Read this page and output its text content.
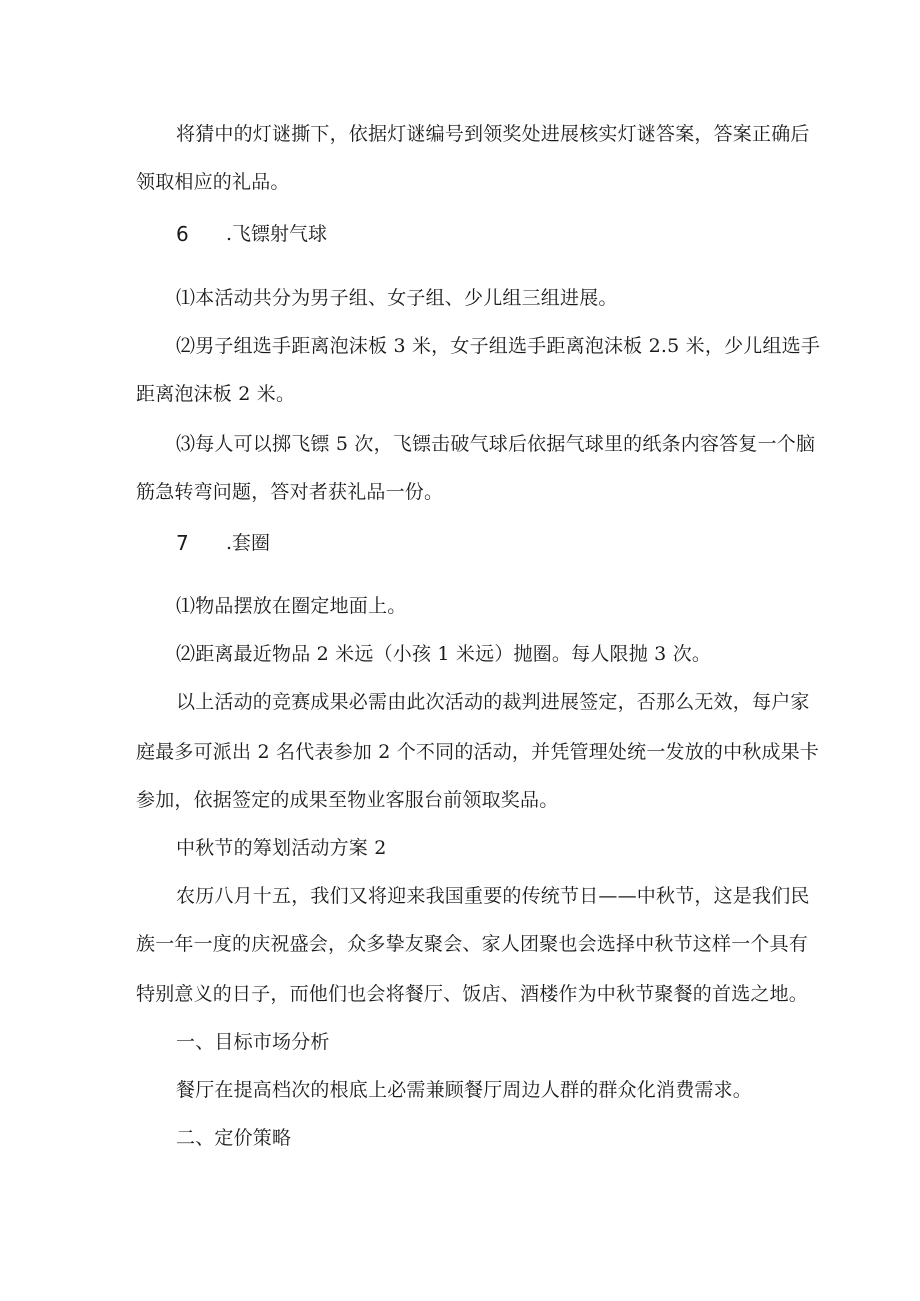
将猜中的灯谜撕下，依据灯谜编号到领奖处进展核实灯谜答案，答案正确后
领取相应的礼品。
6 .飞镖射气球
⑴本活动共分为男子组、女子组、少儿组三组进展。
⑵男子组选手距离泡沫板 3 米，女子组选手距离泡沫板 2.5 米，少儿组选手
距离泡沫板 2 米。
⑶每人可以掷飞镖 5 次，飞镖击破气球后依据气球里的纸条内容答复一个脑
筋急转弯问题，答对者获礼品一份。
7 .套圈
⑴物品摆放在圈定地面上。
⑵距离最近物品 2 米远（小孩 1 米远）抛圈。每人限抛 3 次。
以上活动的竞赛成果必需由此次活动的裁判进展签定，否那么无效，每户家
庭最多可派出 2 名代表参加 2 个不同的活动，并凭管理处统一发放的中秋成果卡
参加，依据签定的成果至物业客服台前领取奖品。
中秋节的筹划活动方案 2
农历八月十五，我们又将迎来我国重要的传统节日——中秋节，这是我们民
族一年一度的庆祝盛会，众多挚友聚会、家人团聚也会选择中秋节这样一个具有
特别意义的日子，而他们也会将餐厅、饭店、酒楼作为中秋节聚餐的首选之地。
一、目标市场分析
餐厅在提高档次的根底上必需兼顾餐厅周边人群的群众化消费需求。
二、定价策略
